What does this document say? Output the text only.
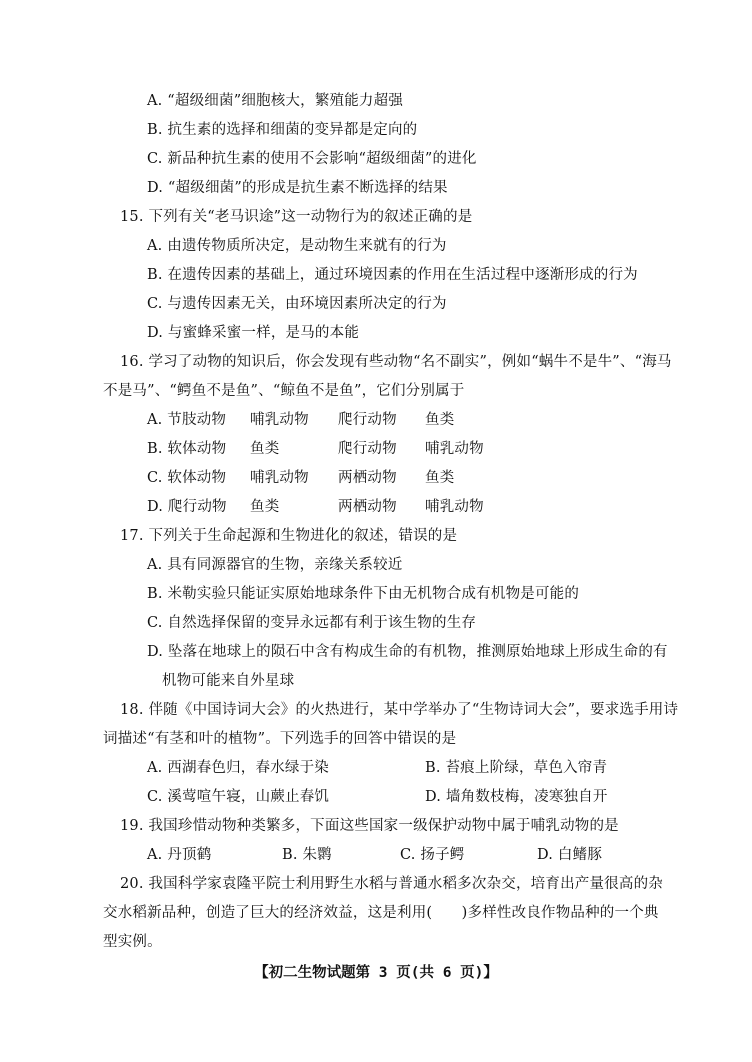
A. “超级细菌”细胞核大，繁殖能力超强
B. 抗生素的选择和细菌的变异都是定向的
C. 新品种抗生素的使用不会影响“超级细菌”的进化
D. “超级细菌”的形成是抗生素不断选择的结果
15. 下列有关“老马识途”这一动物行为的叙述正确的是
A. 由遗传物质所决定，是动物生来就有的行为
B. 在遗传因素的基础上，通过环境因素的作用在生活过程中逐渐形成的行为
C. 与遗传因素无关，由环境因素所决定的行为
D. 与蜜蜂采蜜一样，是马的本能
16. 学习了动物的知识后，你会发现有些动物“名不副实”，例如“蜗牛不是牛”、“海马
不是马”、“鳄鱼不是鱼”、“鲸鱼不是鱼”，它们分别属于
A. 节肢动物 哺乳动物 爬行动物 鱼类
B. 软体动物 鱼类	爬行动物 哺乳动物
C. 软体动物 哺乳动物 两栖动物 鱼类
D. 爬行动物 鱼类	两栖动物 哺乳动物
17. 下列关于生命起源和生物进化的叙述，错误的是
A. 具有同源器官的生物，亲缘关系较近
B. 米勒实验只能证实原始地球条件下由无机物合成有机物是可能的
C. 自然选择保留的变异永远都有利于该生物的生存
D. 坠落在地球上的陨石中含有构成生命的有机物，推测原始地球上形成生命的有
机物可能来自外星球
18. 伴随《中国诗词大会》的火热进行，某中学举办了“生物诗词大会”，要求选手用诗
词描述“有茎和叶的植物”。下列选手的回答中错误的是
A. 西湖春色归，春水绿于染	B. 苔痕上阶绿，草色入帘青
C. 溪莺喧午寝，山蕨止春饥	D. 墙角数枝梅，凌寒独自开
19. 我国珍惜动物种类繁多，下面这些国家一级保护动物中属于哺乳动物的是
A. 丹顶鹤	B. 朱鹮	C. 扬子鳄	D. 白鳍豚
20. 我国科学家袁隆平院士利用野生水稻与普通水稻多次杂交，培育出产量很高的杂
交水稻新品种，创造了巨大的经济效益，这是利用(　　)多样性改良作物品种的一个典
型实例。
【初二生物试题第 3 页(共 6 页)】
